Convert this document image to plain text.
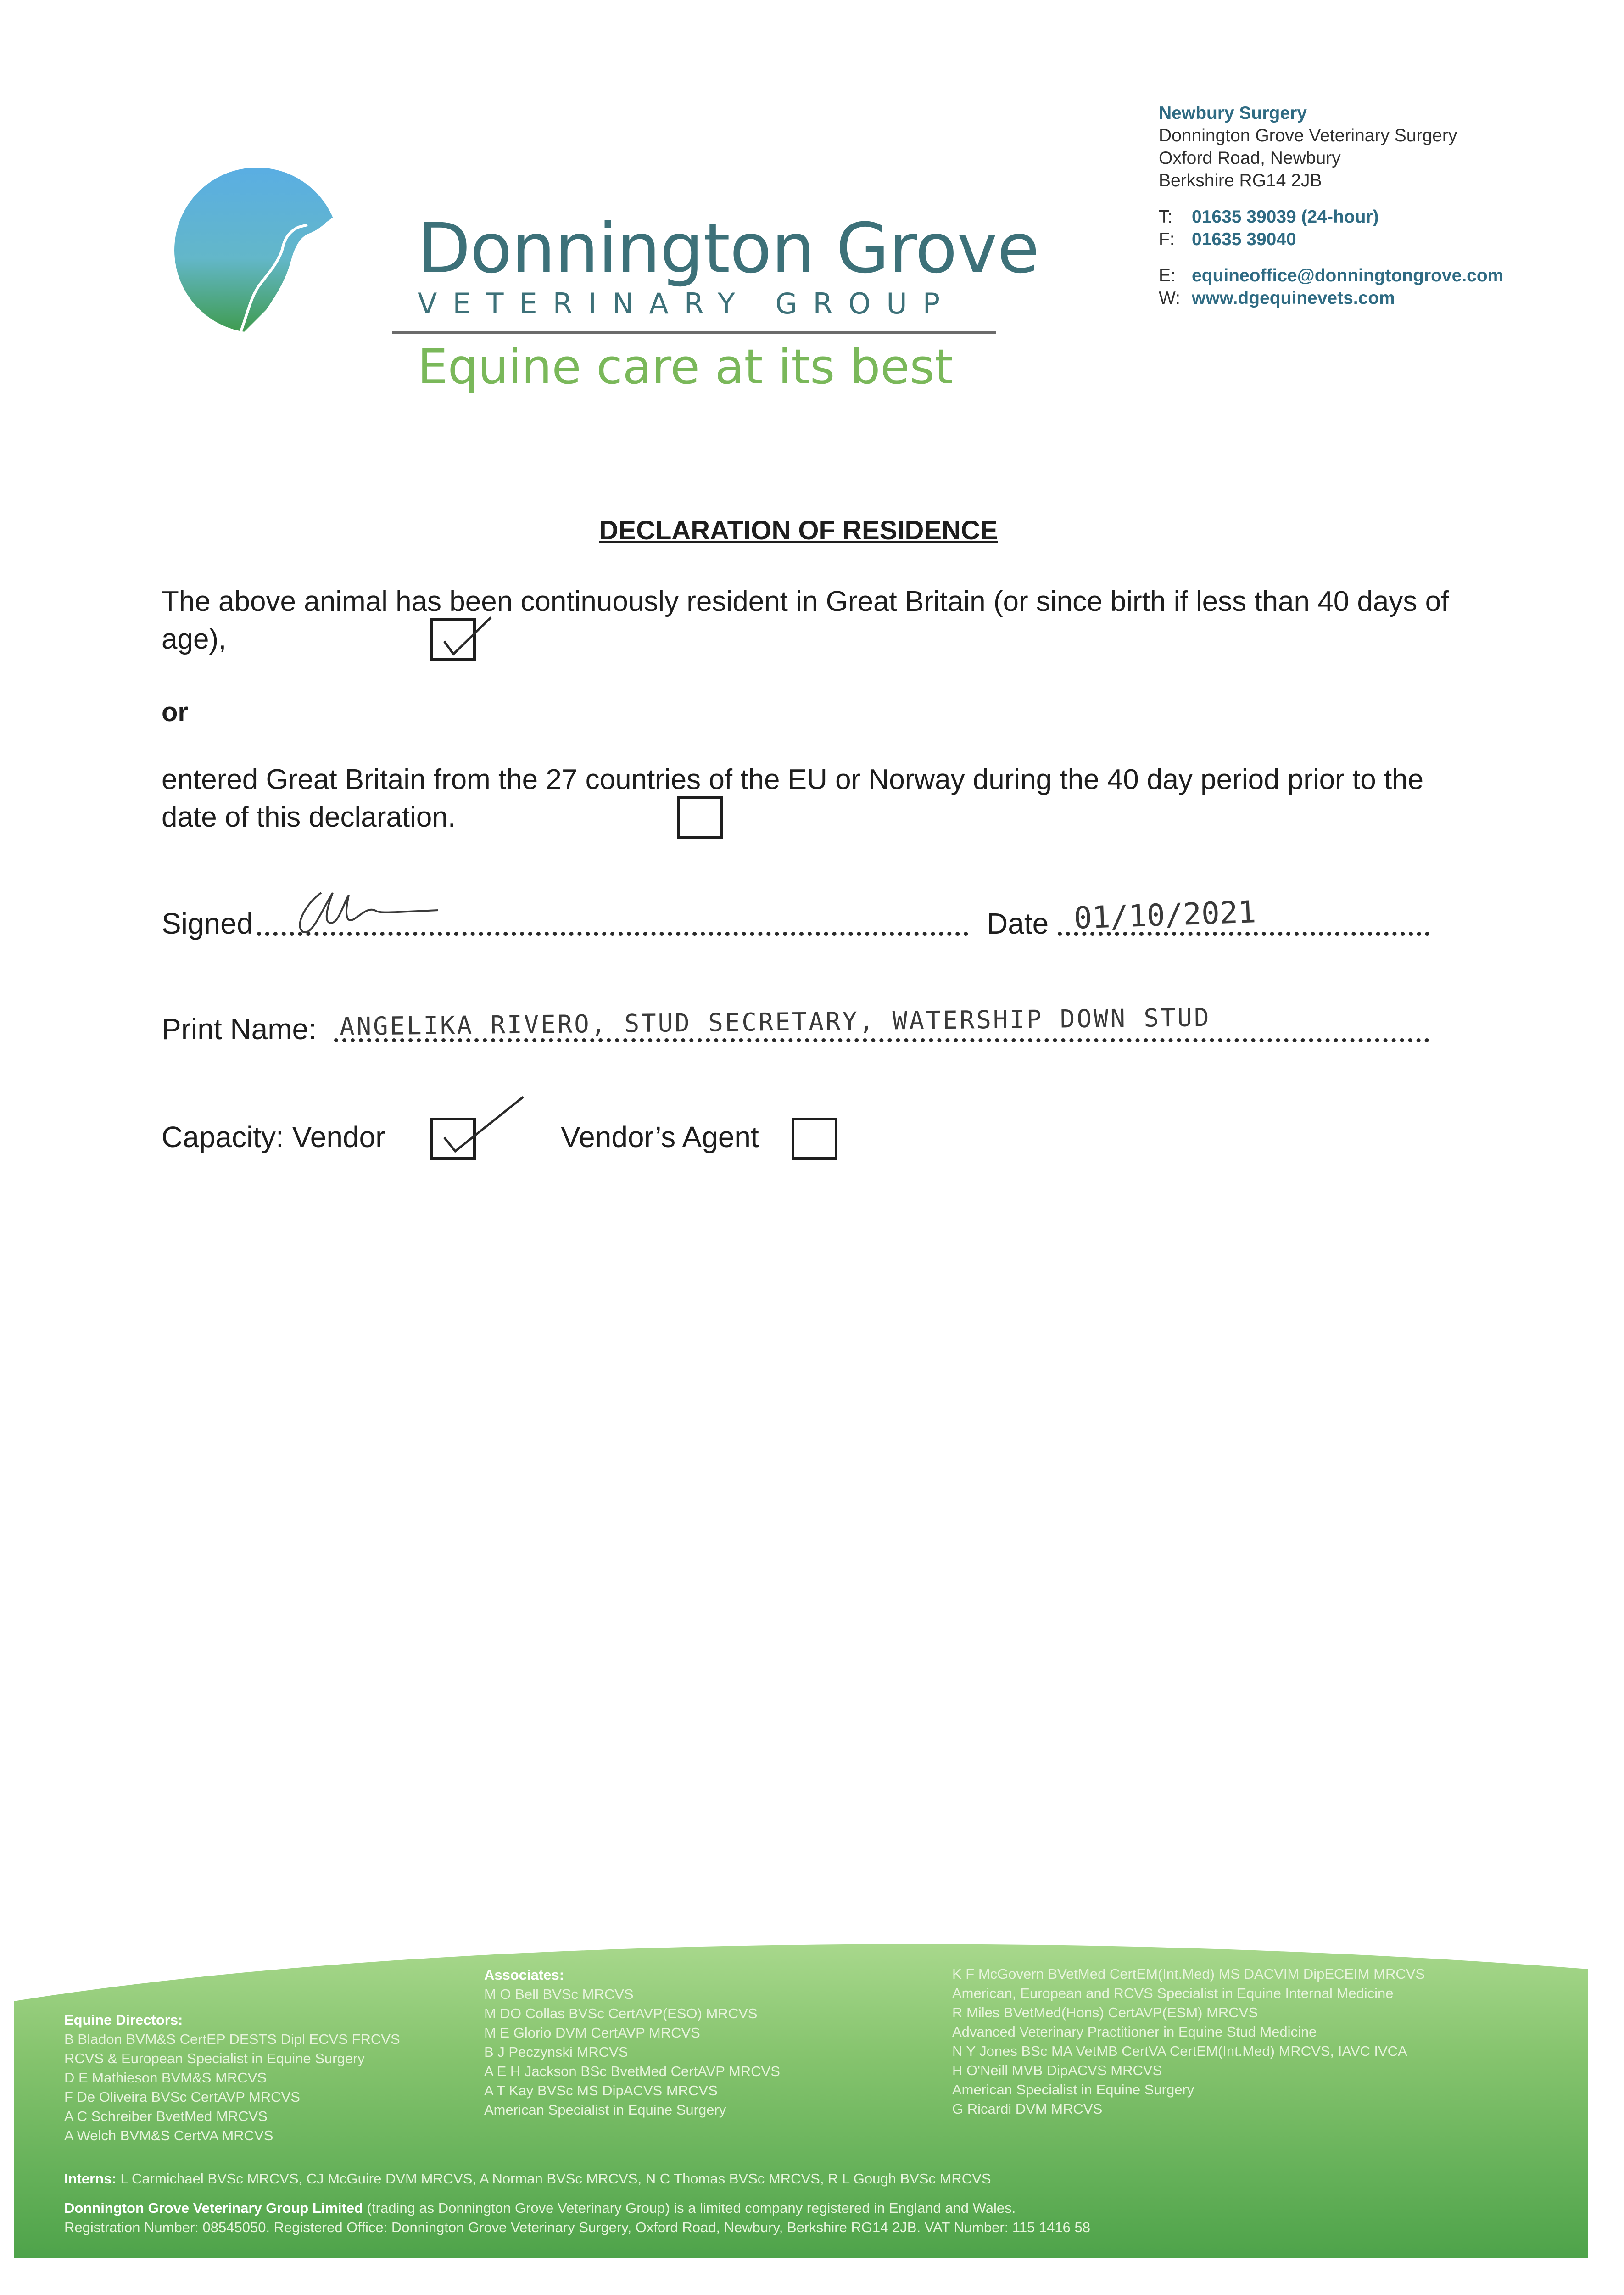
Donnington Grove
VETERINARY GROUP
Equine care at its best
Newbury Surgery
Donnington Grove Veterinary Surgery
Oxford Road, Newbury
Berkshire RG14 2JB
T:	01635 39039 (24-hour)
F: 01635 39040
E: equineoffice@donningtongrove.com
W: www.dgequinevets.com
DECLARATION OF RESIDENCE
The above animal has been continuously resident in Great Britain (or since birth if less than 40 days of age),
or
entered Great Britain from the 27 countries of the EU or Norway during the 40 day period prior to the date of this declaration.
Signed	Date 01/10/2021
Print Name: ANGELIKA RIVERO, STUD SECRETARY, WATERSHIP DOWN STUD
Capacity: Vendor	Vendor’s Agent
Equine Directors:
B Bladon BVM&S CertEP DESTS Dipl ECVS FRCVS
RCVS & European Specialist in Equine Surgery
D E Mathieson BVM&S MRCVS
F De Oliveira BVSc CertAVP MRCVS
A C Schreiber BvetMed MRCVS
A Welch BVM&S CertVA MRCVS
Associates:
M O Bell BVSc MRCVS
M DO Collas BVSc CertAVP(ESO) MRCVS
M E Glorio DVM CertAVP MRCVS
B J Peczynski MRCVS
A E H Jackson BSc BvetMed CertAVP MRCVS
A T Kay BVSc MS DipACVS MRCVS
American Specialist in Equine Surgery
K F McGovern BVetMed CertEM(Int.Med) MS DACVIM DipECEIM MRCVS
American, European and RCVS Specialist in Equine Internal Medicine
R Miles BVetMed(Hons) CertAVP(ESM) MRCVS
Advanced Veterinary Practitioner in Equine Stud Medicine
N Y Jones BSc MA VetMB CertVA CertEM(Int.Med) MRCVS, IAVC IVCA
H O'Neill MVB DipACVS MRCVS
American Specialist in Equine Surgery
G Ricardi DVM MRCVS
Interns: L Carmichael BVSc MRCVS, CJ McGuire DVM MRCVS, A Norman BVSc MRCVS, N C Thomas BVSc MRCVS, R L Gough BVSc MRCVS
Donnington Grove Veterinary Group Limited (trading as Donnington Grove Veterinary Group) is a limited company registered in England and Wales.
Registration Number: 08545050. Registered Office: Donnington Grove Veterinary Surgery, Oxford Road, Newbury, Berkshire RG14 2JB. VAT Number: 115 1416 58
